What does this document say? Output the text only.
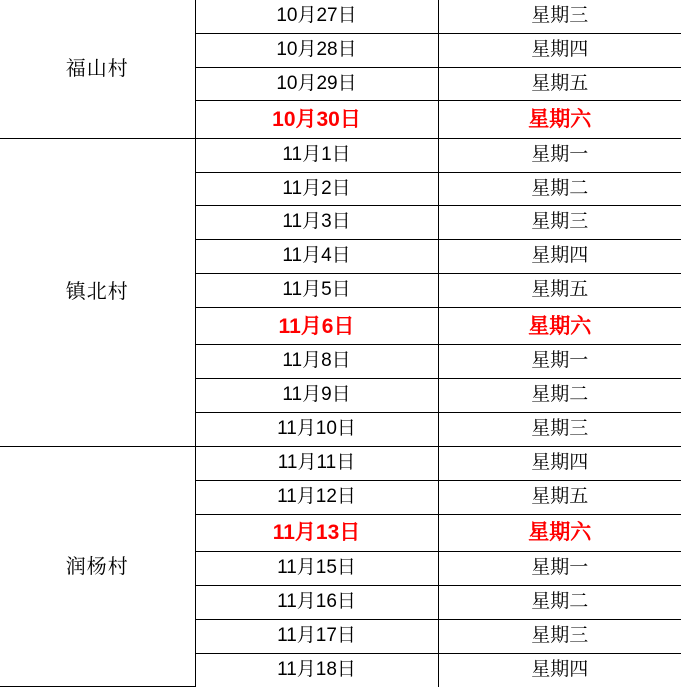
福山村	10月27日	星期三
	10月28日	星期四
	10月29日	星期五
	10月30日	星期六
镇北村	11月1日	星期一
	11月2日	星期二
	11月3日	星期三
	11月4日	星期四
	11月5日	星期五
	11月6日	星期六
	11月8日	星期一
	11月9日	星期二
	11月10日	星期三
润杨村	11月11日	星期四
	11月12日	星期五
	11月13日	星期六
	11月15日	星期一
	11月16日	星期二
	11月17日	星期三
	11月18日	星期四
